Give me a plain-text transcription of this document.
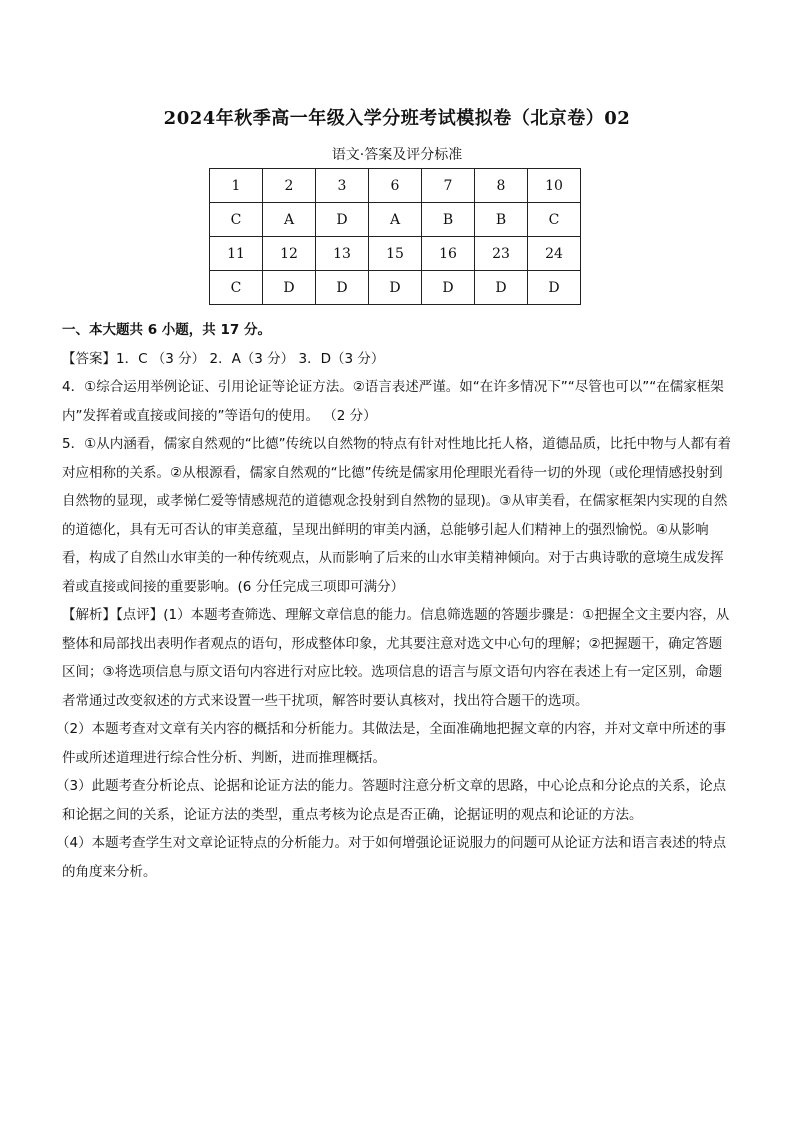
2024年秋季高一年级入学分班考试模拟卷（北京卷）02
语文·答案及评分标准
1	2	3	6	7	8	10
C	A	D	A	B	B	C
11	12	13	15	16	23	24
C	D	D	D	D	D	D

一、本大题共 6 小题，共 17 分。

【答案】1．C （3 分） 2．A（3 分） 3．D（3 分）

4．①综合运用举例论证、引用论证等论证方法。②语言表述严谨。如“在许多情况下”“尽管也可以”“在儒家框架内”发挥着或直接或间接的”等语句的使用。 （2 分）

5．①从内涵看，儒家自然观的“比德”传统以自然物的特点有针对性地比托人格，道德品质，比托中物与人都有着对应相称的关系。②从根源看，儒家自然观的“比德”传统是儒家用伦理眼光看待一切的外现（或伦理情感投射到自然物的显现，或孝悌仁爱等情感规范的道德观念投射到自然物的显现)。③从审美看，在儒家框架内实现的自然的道德化，具有无可否认的审美意蕴，呈现出鲜明的审美内涵，总能够引起人们精神上的强烈愉悦。④从影响看，构成了自然山水审美的一种传统观点，从而影响了后来的山水审美精神倾向。对于古典诗歌的意境生成发挥着或直接或间接的重要影响。(6 分任完成三项即可满分）

【解析】【点评】(1）本题考查筛选、理解文章信息的能力。信息筛选题的答题步骤是：①把握全文主要内容，从整体和局部找出表明作者观点的语句，形成整体印象，尤其要注意对选文中心句的理解；②把握题干，确定答题区间；③将选项信息与原文语句内容进行对应比较。选项信息的语言与原文语句内容在表述上有一定区别，命题者常通过改变叙述的方式来设置一些干扰项，解答时要认真核对，找出符合题干的选项。

（2）本题考查对文章有关内容的概括和分析能力。其做法是，全面准确地把握文章的内容，并对文章中所述的事件或所述道理进行综合性分析、判断，进而推理概括。

（3）此题考查分析论点、论据和论证方法的能力。答题时注意分析文章的思路，中心论点和分论点的关系，论点和论据之间的关系，论证方法的类型，重点考核为论点是否正确，论据证明的观点和论证的方法。

（4）本题考查学生对文章论证特点的分析能力。对于如何增强论证说服力的问题可从论证方法和语言表述的特点的角度来分析。
